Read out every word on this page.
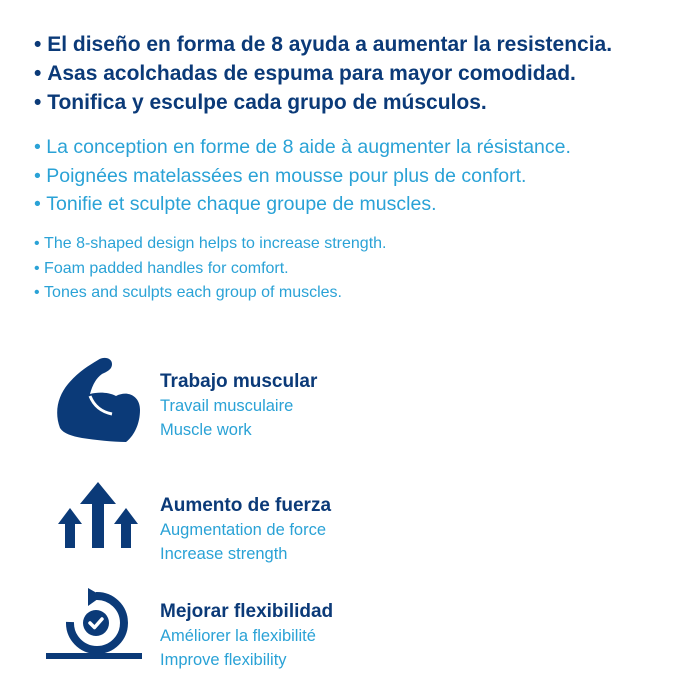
• El diseño en forma de 8 ayuda a aumentar la resistencia.
• Asas acolchadas de espuma para mayor comodidad.
• Tonifica y esculpe cada grupo de músculos.
• La conception en forme de 8 aide à augmenter la résistance.
• Poignées matelassées en mousse pour plus de confort.
• Tonifie et sculpte chaque groupe de muscles.
• The 8-shaped design helps to increase strength.
• Foam padded handles for comfort.
• Tones and sculpts each group of muscles.
Trabajo muscular
Travail musculaire
Muscle work
Aumento de fuerza
Augmentation de force
Increase strength
Mejorar flexibilidad
Améliorer la flexibilité
Improve flexibility
